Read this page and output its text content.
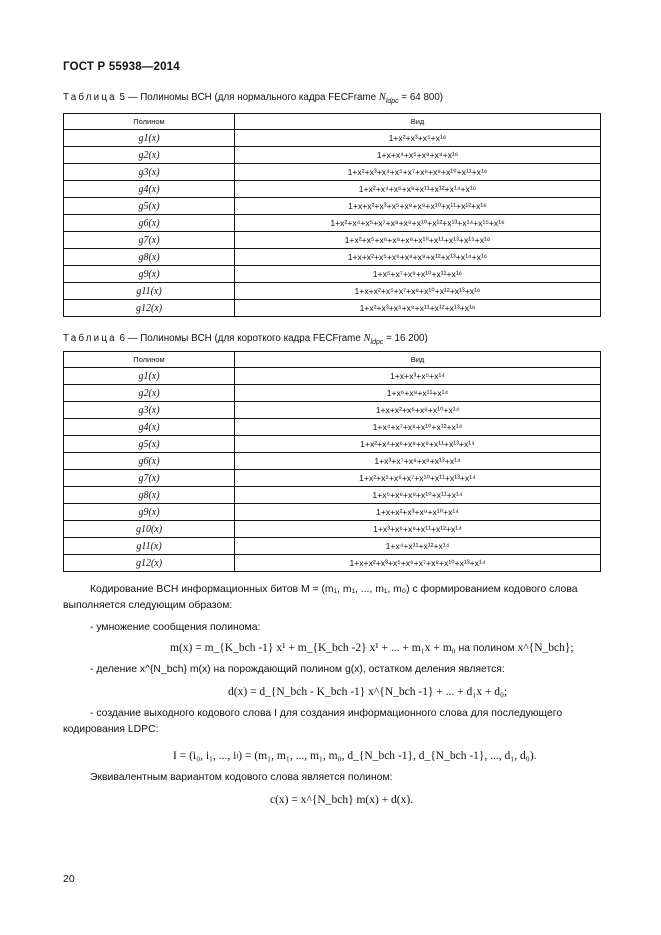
ГОСТ Р 55938—2014
Таблица 5 — Полиномы BCH (для нормального кадра FECFrame $N_{ldpc} = 64$ 800)
Полином	Вид
g1(x)	1+x²+x³+x⁵+x¹⁶
g2(x)	1+x+x⁴+x⁵+x⁸+x⁸+x¹⁶
g3(x)	1+x²+x³+x⁴+x⁵+x⁷+x⁸+x⁹+x¹⁰+x¹¹+x¹⁶
g4(x)	1+x²+x⁴+x⁶+x⁹+x¹¹+x¹²+x¹⁴+x¹⁶
g5(x)	1+x+x²+x³+x⁵+x⁸+x⁹+x¹⁰+x¹¹+x¹²+x¹⁶
g6(x)	1+x²+x⁴+x⁵+x⁷+x⁸+x⁹+x¹⁰+x¹²+x¹³+x¹⁴+x¹⁵+x¹⁶
g7(x)	1+x²+x⁵+x⁶+x⁸+x⁹+x¹⁰+x¹¹+x¹³+x¹⁵+x¹⁶
g8(x)	1+x+x²+x⁵+x⁶+x⁸+x⁹+x¹²+x¹³+x¹⁴+x¹⁶
g9(x)	1+x⁵+x⁷+x⁹+x¹⁰+x¹¹+x¹⁶
g11(x)	1+x+x²+x⁵+x⁷+x⁸+x¹⁰+x¹²+x¹³+x¹⁶
g12(x)	1+x²+x³+x⁵+x⁹+x¹¹+x¹²+x¹³+x¹⁶
Таблица 6 — Полиномы BCH (для короткого кадра FECFrame $N_{ldpc} = 16$ 200)
Полином	Вид
g1(x)	1+x+x³+x⁵+x¹⁴
g2(x)	1+x⁶+x⁸+x¹¹+x¹⁴
g3(x)	1+x+x²+x⁶+x⁹+x¹⁰+x¹⁴
g4(x)	1+x⁴+x⁷+x⁸+x¹⁰+x¹²+x¹⁴
g5(x)	1+x²+x⁴+x⁶+x⁸+x⁹+x¹¹+x¹³+x¹⁴
g6(x)	1+x³+x⁷+x⁸+x⁹+x¹³+x¹⁴
g7(x)	1+x²+x⁵+x⁶+x⁷+x¹⁰+x¹¹+x¹³+x¹⁴
g8(x)	1+x⁵+x⁸+x⁹+x¹⁰+x¹¹+x¹⁴
g9(x)	1+x+x²+x³+x⁹+x¹⁰+x¹⁴
g10(x)	1+x³+x⁶+x⁹+x¹¹+x¹²+x¹⁴
g11(x)	1+x⁴+x¹¹+x¹²+x¹⁴
g12(x)	1+x+x²+x³+x⁵+x⁶+x⁷+x⁸+x¹⁰+x¹³+x¹⁴
Кодирование BCH информационных битов M = (m₁, m₁, ..., m₁, m₀) с формированием кодового слова выполняется следующим образом:
- умножение сообщения полинома:
m(x) = m_{K_bch -1} x¹ + m_{K_bch -2} x¹ + ... + m₁x + m₀ на полином x^{N_bch};
- деление x^{N_bch} m(x) на порождающий полином g(x), остатком деления является:
d(x) = d_{N_bch - K_bch -1} x^{N_bch -1} + ... + d₁x + d₀;
- создание выходного кодового слова I для создания информационного слова для последующего кодирования LDPC:
I = (i₀, i₁, ..., iₗ) = (m₁, m₁, ..., m₁, m₀, d_{N_bch -1}, d_{N_bch -1}, ..., d₁, d₀).
Эквивалентным вариантом кодового слова является полином:
c(x) = x^{N_bch} m(x) + d(x).
20
